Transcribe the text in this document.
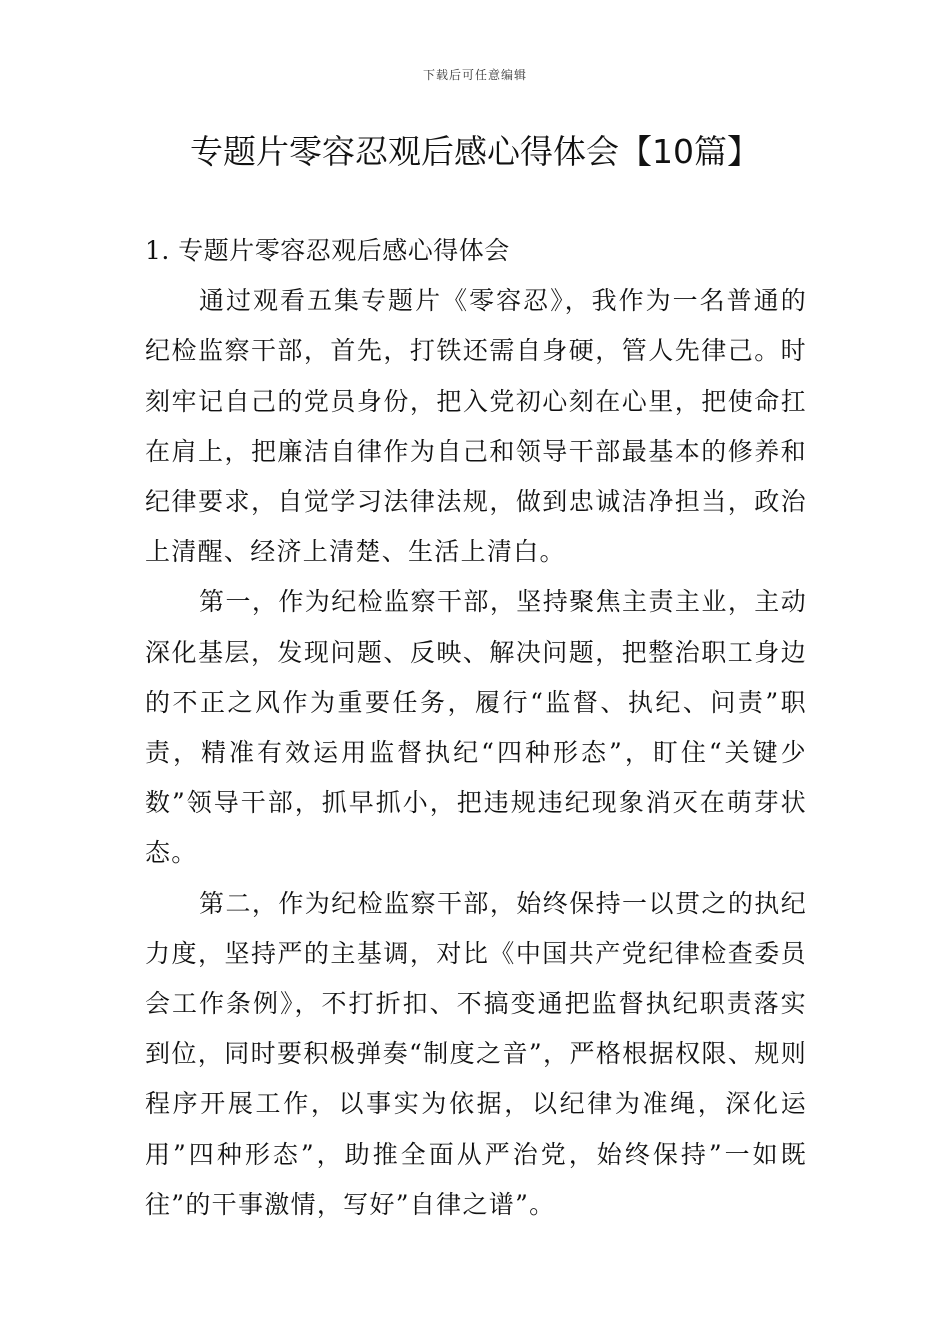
下载后可任意编辑
专题片零容忍观后感心得体会【10篇】

1. 专题片零容忍观后感心得体会

通过观看五集专题片《零容忍》，我作为一名普通的纪检监察干部，首先，打铁还需自身硬，管人先律己。时刻牢记自己的党员身份，把入党初心刻在心里，把使命扛在肩上，把廉洁自律作为自己和领导干部最基本的修养和纪律要求，自觉学习法律法规，做到忠诚洁净担当，政治上清醒、经济上清楚、生活上清白。

第一，作为纪检监察干部，坚持聚焦主责主业，主动深化基层，发现问题、反映、解决问题，把整治职工身边的不正之风作为重要任务，履行“监督、执纪、问责”职责，精准有效运用监督执纪“四种形态”，盯住“关键少数”领导干部，抓早抓小，把违规违纪现象消灭在萌芽状态。

第二，作为纪检监察干部，始终保持一以贯之的执纪力度，坚持严的主基调，对比《中国共产党纪律检查委员会工作条例》，不打折扣、不搞变通把监督执纪职责落实到位，同时要积极弹奏“制度之音”，严格根据权限、规则程序开展工作，以事实为依据，以纪律为准绳，深化运用”四种形态”，助推全面从严治党，始终保持”一如既往”的干事激情，写好”自律之谱”。
